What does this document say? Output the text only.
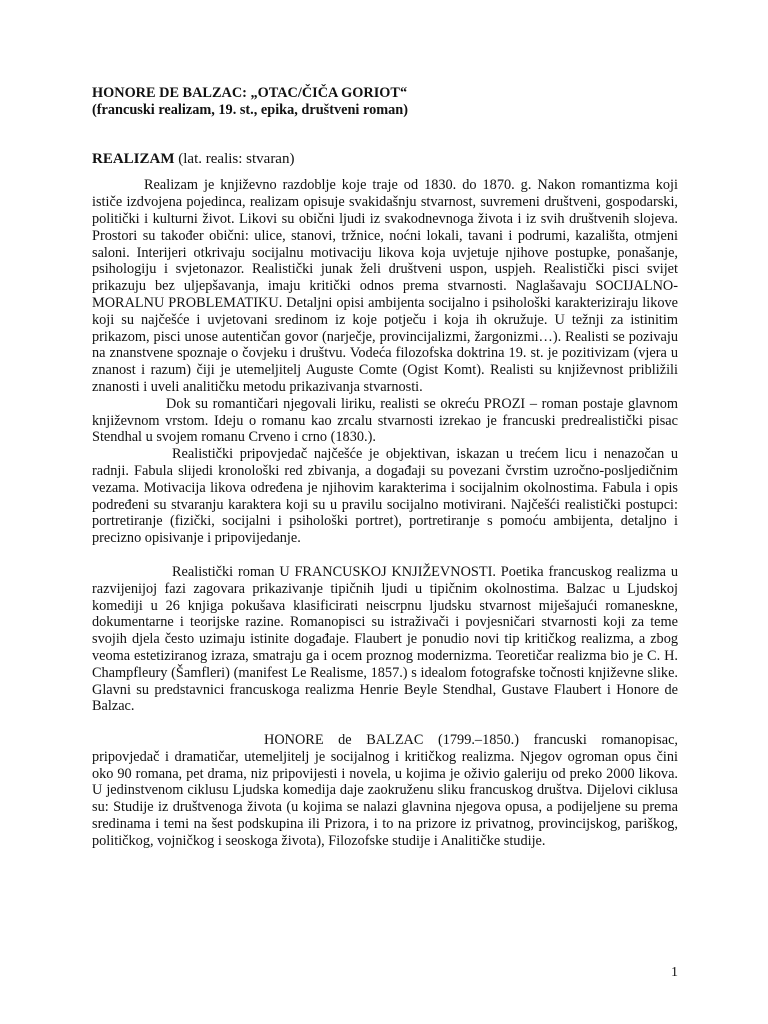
HONORE DE BALZAC: „OTAC/ČIČA GORIOT“
(francuski realizam, 19. st., epika, društveni roman)
REALIZAM (lat. realis: stvaran)

Realizam je književno razdoblje koje traje od 1830. do 1870. g. Nakon romantizma koji ističe izdvojena pojedinca, realizam opisuje svakidašnju stvarnost, suvremeni društveni, gospodarski, politički i kulturni život. Likovi su obični ljudi iz svakodnevnoga života i iz svih društvenih slojeva. Prostori su također obični: ulice, stanovi, tržnice, noćni lokali, tavani i podrumi, kazališta, otmjeni saloni. Interijeri otkrivaju socijalnu motivaciju likova koja uvjetuje njihove postupke, ponašanje, psihologiju i svjetonazor. Realistički junak želi društveni uspon, uspjeh. Realistički pisci svijet prikazuju bez uljepšavanja, imaju kritički odnos prema stvarnosti. Naglašavaju SOCIJALNO-MORALNU PROBLEMATIKU. Detaljni opisi ambijenta socijalno i psihološki karakteriziraju likove koji su najčešće i uvjetovani sredinom iz koje potječu i koja ih okružuje. U težnji za istinitim prikazom, pisci unose autentičan govor (narječje, provincijalizmi, žargonizmi…). Realisti se pozivaju na znanstvene spoznaje o čovjeku i društvu. Vodeća filozofska doktrina 19. st. je pozitivizam (vjera u znanost i razum) čiji je utemeljitelj Auguste Comte (Ogist Komt). Realisti su književnost približili znanosti i uveli analitičku metodu prikazivanja stvarnosti.

Dok su romantičari njegovali liriku, realisti se okreću PROZI – roman postaje glavnom književnom vrstom. Ideju o romanu kao zrcalu stvarnosti izrekao je francuski predrealistički pisac Stendhal u svojem romanu Crveno i crno (1830.).

Realistički pripovjedač najčešće je objektivan, iskazan u trećem licu i nenazočan u radnji. Fabula slijedi kronološki red zbivanja, a događaji su povezani čvrstim uzročno-posljedičnim vezama. Motivacija likova određena je njihovim karakterima i socijalnim okolnostima. Fabula i opis podređeni su stvaranju karaktera koji su u pravilu socijalno motivirani. Najčešći realistički postupci: portretiranje (fizički, socijalni i psihološki portret), portretiranje s pomoću ambijenta, detaljno i precizno opisivanje i pripovijedanje.

Realistički roman U FRANCUSKOJ KNJIŽEVNOSTI. Poetika francuskog realizma u razvijenijoj fazi zagovara prikazivanje tipičnih ljudi u tipičnim okolnostima. Balzac u Ljudskoj komediji u 26 knjiga pokušava klasificirati neiscrpnu ljudsku stvarnost miješajući romaneskne, dokumentarne i teorijske razine. Romanopisci su istraživači i povjesničari stvarnosti koji za teme svojih djela često uzimaju istinite događaje. Flaubert je ponudio novi tip kritičkog realizma, a zbog veoma estetiziranog izraza, smatraju ga i ocem proznog modernizma. Teoretičar realizma bio je C. H. Champfleury (Šamfleri) (manifest Le Realisme, 1857.) s idealom fotografske točnosti književne slike. Glavni su predstavnici francuskoga realizma Henrie Beyle Stendhal, Gustave Flaubert i Honore de Balzac.

HONORE de BALZAC (1799.–1850.) francuski romanopisac, pripovjedač i dramatičar, utemeljitelj je socijalnog i kritičkog realizma. Njegov ogroman opus čini oko 90 romana, pet drama, niz pripovijesti i novela, u kojima je oživio galeriju od preko 2000 likova. U jedinstvenom ciklusu Ljudska komedija daje zaokruženu sliku francuskog društva. Dijelovi ciklusa su: Studije iz društvenoga života (u kojima se nalazi glavnina njegova opusa, a podijeljene su prema sredinama i temi na šest podskupina ili Prizora, i to na prizore iz privatnog, provincijskog, pariškog, političkog, vojničkog i seoskoga života), Filozofske studije i Analitičke studije.

1
